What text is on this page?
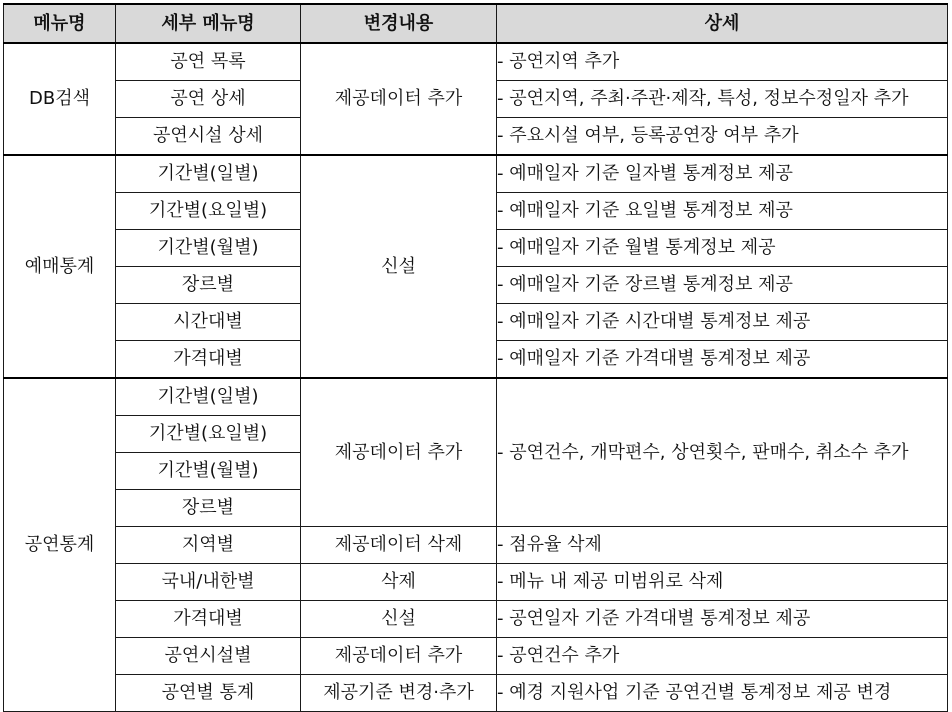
메뉴명	세부 메뉴명	변경내용	상세
DB검색	공연 목록	제공데이터 추가	- 공연지역 추가
	공연 상세		- 공연지역, 주최·주관·제작, 특성, 정보수정일자 추가
	공연시설 상세		- 주요시설 여부, 등록공연장 여부 추가
예매통계	기간별(일별)	신설	- 예매일자 기준 일자별 통계정보 제공
	기간별(요일별)		- 예매일자 기준 요일별 통계정보 제공
	기간별(월별)		- 예매일자 기준 월별 통계정보 제공
	장르별		- 예매일자 기준 장르별 통계정보 제공
	시간대별		- 예매일자 기준 시간대별 통계정보 제공
	가격대별		- 예매일자 기준 가격대별 통계정보 제공
공연통계	기간별(일별)	제공데이터 추가	- 공연건수, 개막편수, 상연횟수, 판매수, 취소수 추가
	기간별(요일별)		
	기간별(월별)		
	장르별		
	지역별	제공데이터 삭제	- 점유율 삭제
	국내/내한별	삭제	- 메뉴 내 제공 미범위로 삭제
	가격대별	신설	- 공연일자 기준 가격대별 통계정보 제공
	공연시설별	제공데이터 추가	- 공연건수 추가
	공연별 통계	제공기준 변경·추가	- 예경 지원사업 기준 공연건별 통계정보 제공 변경
